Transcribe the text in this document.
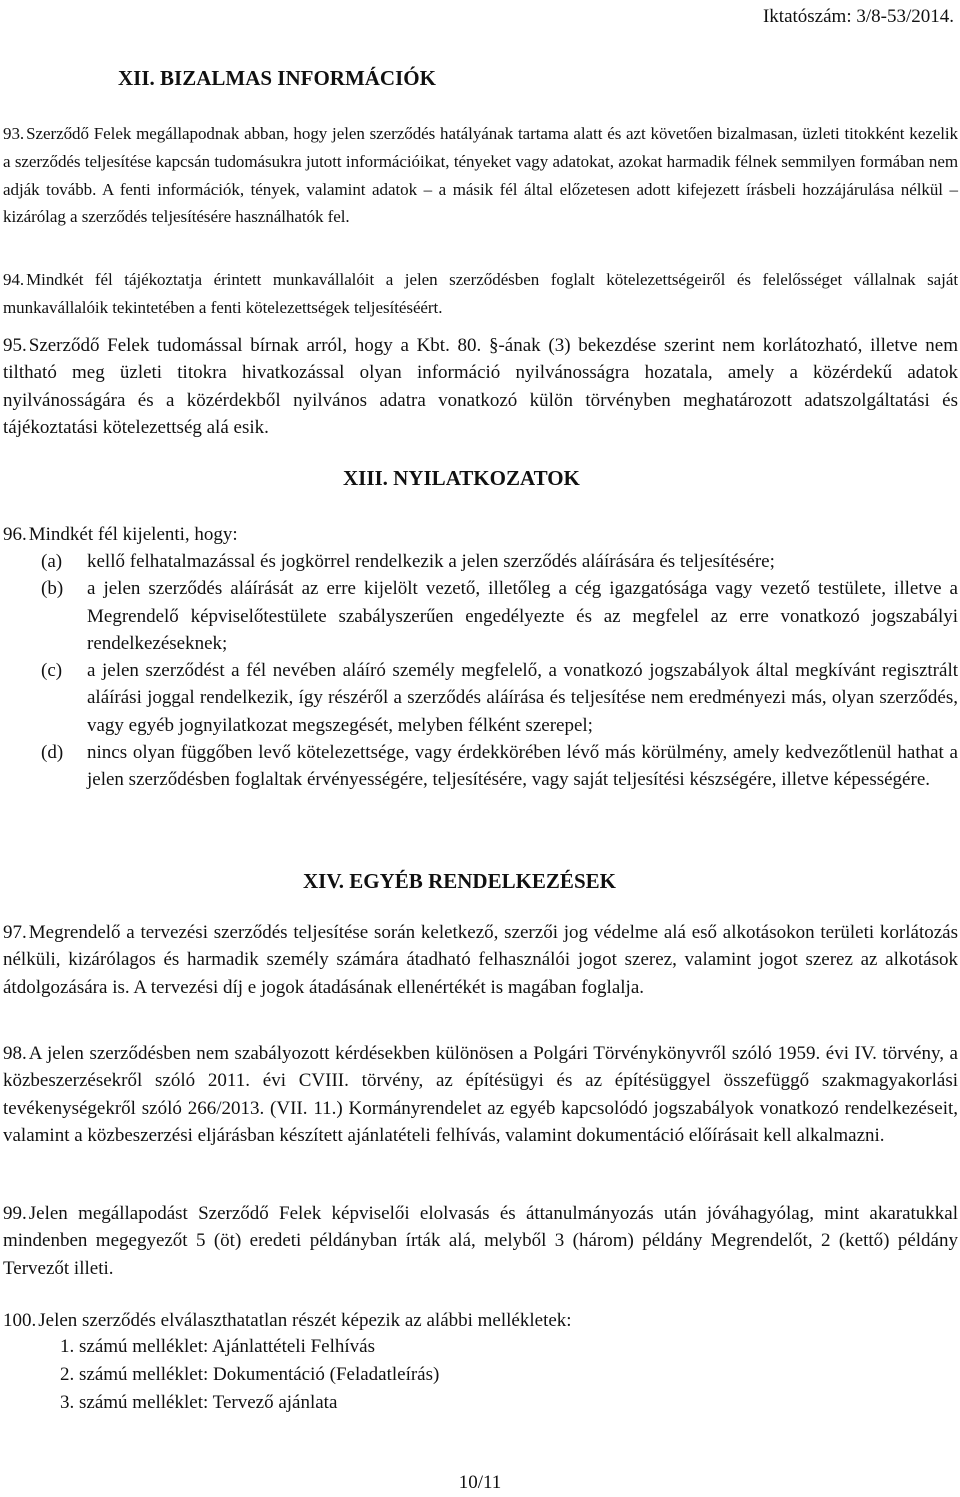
Iktatószám: 3/8-53/2014.
XII. BIZALMAS INFORMÁCIÓK
93. Szerződő Felek megállapodnak abban, hogy jelen szerződés hatályának tartama alatt és azt követően bizalmasan, üzleti titokként kezelik a szerződés teljesítése kapcsán tudomásukra jutott információikat, tényeket vagy adatokat, azokat harmadik félnek semmilyen formában nem adják tovább. A fenti információk, tények, valamint adatok – a másik fél által előzetesen adott kifejezett írásbeli hozzájárulása nélkül – kizárólag a szerződés teljesítésére használhatók fel.
94. Mindkét fél tájékoztatja érintett munkavállalóit a jelen szerződésben foglalt kötelezettségeiről és felelősséget vállalnak saját munkavállalóik tekintetében a fenti kötelezettségek teljesítéséért.
95. Szerződő Felek tudomással bírnak arról, hogy a Kbt. 80. §-ának (3) bekezdése szerint nem korlátozható, illetve nem tiltható meg üzleti titokra hivatkozással olyan információ nyilvánosságra hozatala, amely a közérdekű adatok nyilvánosságára és a közérdekből nyilvános adatra vonatkozó külön törvényben meghatározott adatszolgáltatási és tájékoztatási kötelezettség alá esik.
XIII. NYILATKOZATOK
96. Mindkét fél kijelenti, hogy:
(a)	kellő felhatalmazással és jogkörrel rendelkezik a jelen szerződés aláírására és teljesítésére;
(b)	a jelen szerződés aláírását az erre kijelölt vezető, illetőleg a cég igazgatósága vagy vezető testülete, illetve a Megrendelő képviselőtestülete szabályszerűen engedélyezte és az megfelel az erre vonatkozó jogszabályi rendelkezéseknek;
(c)	a jelen szerződést a fél nevében aláíró személy megfelelő, a vonatkozó jogszabályok által megkívánt regisztrált aláírási joggal rendelkezik, így részéről a szerződés aláírása és teljesítése nem eredményezi más, olyan szerződés, vagy egyéb jognyilatkozat megszegését, melyben félként szerepel;
(d)	nincs olyan függőben levő kötelezettsége, vagy érdekkörében lévő más körülmény, amely kedvezőtlenül hathat a jelen szerződésben foglaltak érvényességére, teljesítésére, vagy saját teljesítési készségére, illetve képességére.
XIV. EGYÉB RENDELKEZÉSEK
97. Megrendelő a tervezési szerződés teljesítése során keletkező, szerzői jog védelme alá eső alkotásokon területi korlátozás nélküli, kizárólagos és harmadik személy számára átadható felhasználói jogot szerez, valamint jogot szerez az alkotások átdolgozására is. A tervezési díj e jogok átadásának ellenértékét is magában foglalja.
98. A jelen szerződésben nem szabályozott kérdésekben különösen a Polgári Törvénykönyvről szóló 1959. évi IV. törvény, a közbeszerzésekről szóló 2011. évi CVIII. törvény, az építésügyi és az építésüggyel összefüggő szakmagyakorlási tevékenységekről szóló 266/2013. (VII. 11.) Kormányrendelet az egyéb kapcsolódó jogszabályok vonatkozó rendelkezéseit, valamint a közbeszerzési eljárásban készített ajánlatételi felhívás, valamint dokumentáció előírásait kell alkalmazni.
99. Jelen megállapodást Szerződő Felek képviselői elolvasás és áttanulmányozás után jóváhagyólag, mint akaratukkal mindenben megegyezőt 5 (öt) eredeti példányban írták alá, melyből 3 (három) példány Megrendelőt, 2 (kettő) példány Tervezőt illeti.
100. Jelen szerződés elválaszthatatlan részét képezik az alábbi mellékletek:
1. számú melléklet: Ajánlattételi Felhívás
2. számú melléklet: Dokumentáció (Feladatleírás)
3. számú melléklet: Tervező ajánlata
10/11
